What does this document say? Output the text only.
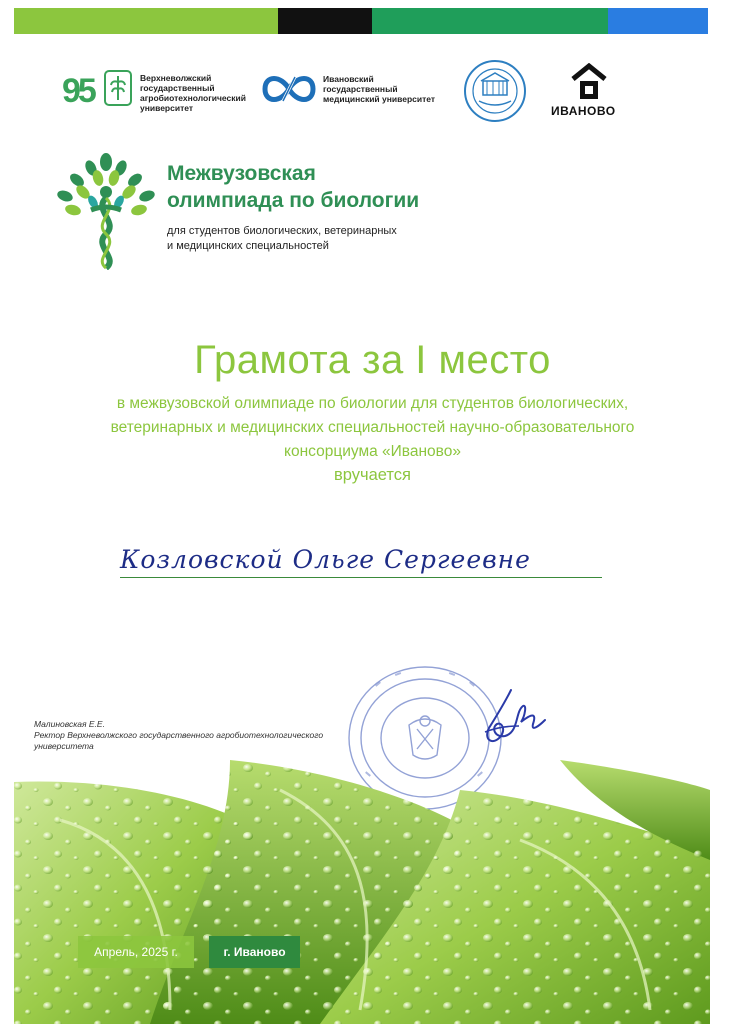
95	Верхневолжский государственный агробиотехнологический университет
Ивановский государственный медицинский университет
ИВАНОВО
Межвузовская
олимпиада по биологии
для студентов биологических, ветеринарных
и медицинских специальностей
Грамота за I место
в межвузовской олимпиаде по биологии для студентов биологических,
ветеринарных и медицинских специальностей научно-образовательного
консорциума «Иваново»
вручается
Козловской Ольге Сергеевне
Малиновская Е.Е.
Ректор Верхневолжского государственного агробиотехнологического университета
Апрель, 2025 г.	г. Иваново
